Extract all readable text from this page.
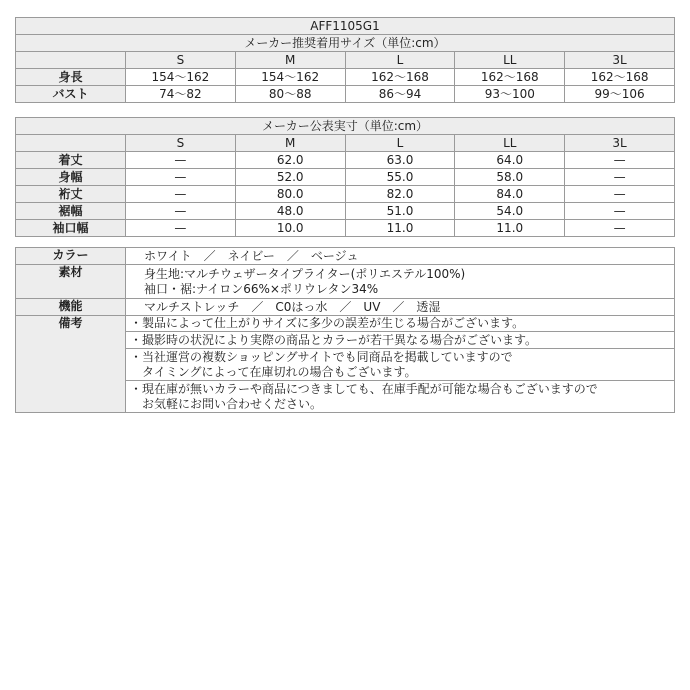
AFF1105G1					
メーカー推奨着用サイズ（単位:cm）					
	S	M	L	LL	3L
身長	154～162	154～162	162～168	162～168	162～168
バスト	74～82	80～88	86～94	93～100	99～106
メーカー公表実寸（単位:cm）					
	S	M	L	LL	3L
着丈	—	62.0	63.0	64.0	—
身幅	—	52.0	55.0	58.0	—
裄丈	—	80.0	82.0	84.0	—
裾幅	—	48.0	51.0	54.0	—
袖口幅	—	10.0	11.0	11.0	—
カラー	ホワイト　／　ネイビー　／　ベージュ
素材	身生地:マルチウェザータイプライター(ポリエステル100%)
袖口・裾:ナイロン66%×ポリウレタン34%

機能	マルチストレッチ　／　C0はっ水　／　UV　／　透湿
備考	・製品によって仕上がりサイズに多少の誤差が生じる場合がございます。
	・撮影時の状況により実際の商品とカラーが若干異なる場合がございます。

	・当社運営の複数ショッピングサイトでも同商品を掲載していますので
　タイミングによって在庫切れの場合もございます。

	・現在庫が無いカラーや商品につきましても、在庫手配が可能な場合もございますので
　お気軽にお問い合わせください。
